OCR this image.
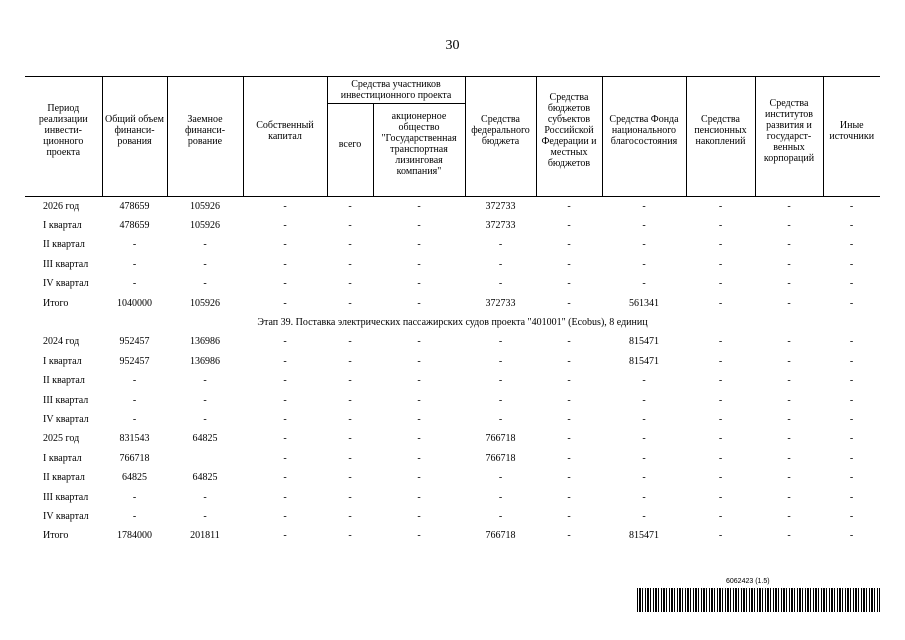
30
Период реализации инвести- ционного проекта	Общий объем финанси- рования	Заемное финанси- рование	Собственный капитал	Средства участников инвестиционного проекта		Средства федерального бюджета	Средства бюджетов субъектов Российской Федерации и местных бюджетов	Средства Фонда национального благосостояния	Средства пенсионных накоплений	Средства институтов развития и государст- венных корпораций	Иные источники
				всего	акционерное общество "Государственная транспортная лизинговая компания"						

2026 год	478659	105926	-	-	-	372733	-	-	-	-	-
I квартал	478659	105926	-	-	-	372733	-	-	-	-	-
II квартал	-	-	-	-	-	-	-	-	-	-	-
III квартал	-	-	-	-	-	-	-	-	-	-	-
IV квартал	-	-	-	-	-	-	-	-	-	-	-
Итого	1040000	105926	-	-	-	372733	-	561341	-	-	-
Этап 39. Поставка электрических пассажирских судов проекта "401001" (Ecobus), 8 единиц											
2024 год	952457	136986	-	-	-	-	-	815471	-	-	-
I квартал	952457	136986	-	-	-	-	-	815471	-	-	-
II квартал	-	-	-	-	-	-	-	-	-	-	-
III квартал	-	-	-	-	-	-	-	-	-	-	-
IV квартал	-	-	-	-	-	-	-	-	-	-	-
2025 год	831543	64825	-	-	-	766718	-	-	-	-	-
I квартал	766718		-	-	-	766718	-	-	-	-	-
II квартал	64825	64825	-	-	-	-	-	-	-	-	-
III квартал	-	-	-	-	-	-	-	-	-	-	-
IV квартал	-	-	-	-	-	-	-	-	-	-	-
Итого	1784000	201811	-	-	-	766718	-	815471	-	-	-
6062423 (1.5)
